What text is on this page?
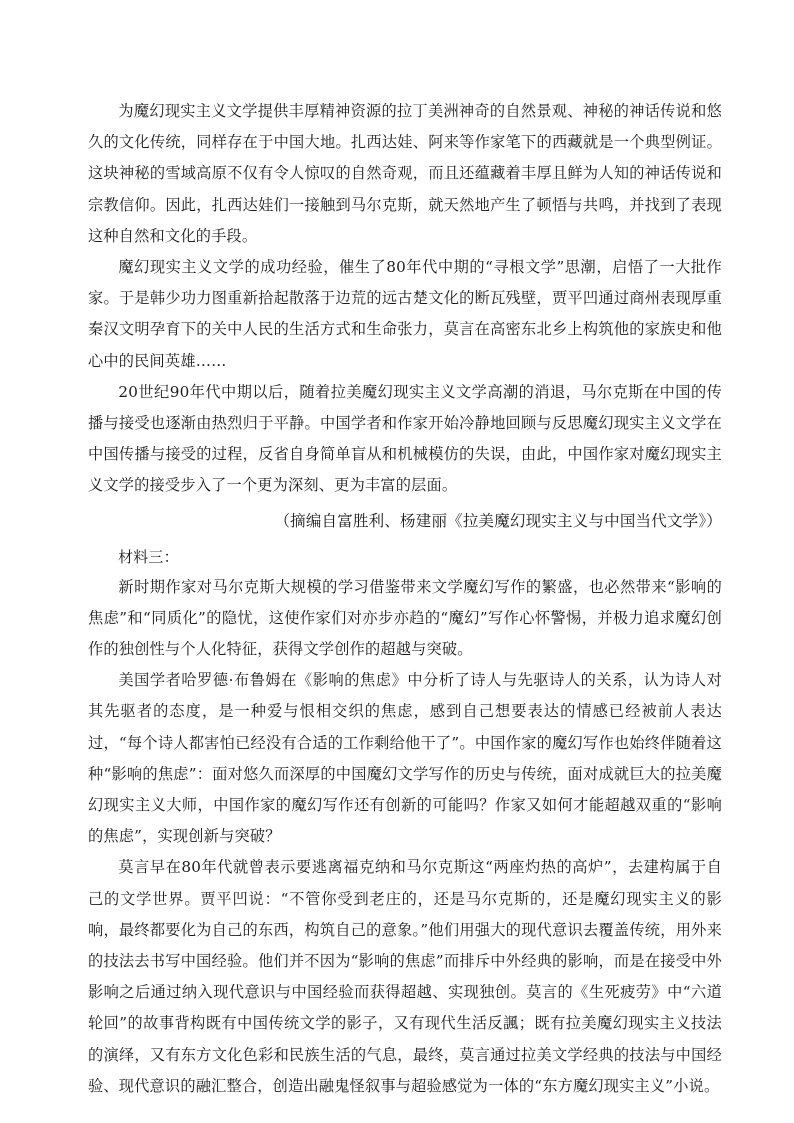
为魔幻现实主义文学提供丰厚精神资源的拉丁美洲神奇的自然景观、神秘的神话传说和悠久的文化传统，同样存在于中国大地。扎西达娃、阿来等作家笔下的西藏就是一个典型例证。这块神秘的雪域高原不仅有令人惊叹的自然奇观，而且还蕴藏着丰厚且鲜为人知的神话传说和宗教信仰。因此，扎西达娃们一接触到马尔克斯，就天然地产生了顿悟与共鸣，并找到了表现这种自然和文化的手段。

魔幻现实主义文学的成功经验，催生了80年代中期的“寻根文学”思潮，启悟了一大批作家。于是韩少功力图重新拾起散落于边荒的远古楚文化的断瓦残壁，贾平凹通过商州表现厚重秦汉文明孕育下的关中人民的生活方式和生命张力，莫言在高密东北乡上构筑他的家族史和他心中的民间英雄……

20世纪90年代中期以后，随着拉美魔幻现实主义文学高潮的消退，马尔克斯在中国的传播与接受也逐渐由热烈归于平静。中国学者和作家开始冷静地回顾与反思魔幻现实主义文学在中国传播与接受的过程，反省自身简单盲从和机械模仿的失误，由此，中国作家对魔幻现实主义文学的接受步入了一个更为深刻、更为丰富的层面。

（摘编自富胜利、杨建丽《拉美魔幻现实主义与中国当代文学》）

材料三：

新时期作家对马尔克斯大规模的学习借鉴带来文学魔幻写作的繁盛，也必然带来“影响的焦虑”和“同质化”的隐忧，这使作家们对亦步亦趋的“魔幻”写作心怀警惕，并极力追求魔幻创作的独创性与个人化特征，获得文学创作的超越与突破。

美国学者哈罗德·布鲁姆在《影响的焦虑》中分析了诗人与先驱诗人的关系，认为诗人对其先驱者的态度，是一种爱与恨相交织的焦虑，感到自己想要表达的情感已经被前人表达过，“每个诗人都害怕已经没有合适的工作剩给他干了”。中国作家的魔幻写作也始终伴随着这种“影响的焦虑”：面对悠久而深厚的中国魔幻文学写作的历史与传统，面对成就巨大的拉美魔幻现实主义大师，中国作家的魔幻写作还有创新的可能吗？作家又如何才能超越双重的“影响的焦虑”，实现创新与突破？

莫言早在80年代就曾表示要逃离福克纳和马尔克斯这“两座灼热的高炉”，去建构属于自己的文学世界。贾平凹说：“不管你受到老庄的，还是马尔克斯的，还是魔幻现实主义的影响，最终都要化为自己的东西，构筑自己的意象。”他们用强大的现代意识去覆盖传统，用外来的技法去书写中国经验。他们并不因为“影响的焦虑”而排斥中外经典的影响，而是在接受中外影响之后通过纳入现代意识与中国经验而获得超越、实现独创。莫言的《生死疲劳》中“六道轮回”的故事背构既有中国传统文学的影子，又有现代生活反諷；既有拉美魔幻现实主义技法的演绎，又有东方文化色彩和民族生活的气息，最终，莫言通过拉美文学经典的技法与中国经验、现代意识的融汇整合，创造出融鬼怪叙事与超验感觉为一体的“东方魔幻现实主义”小说。
